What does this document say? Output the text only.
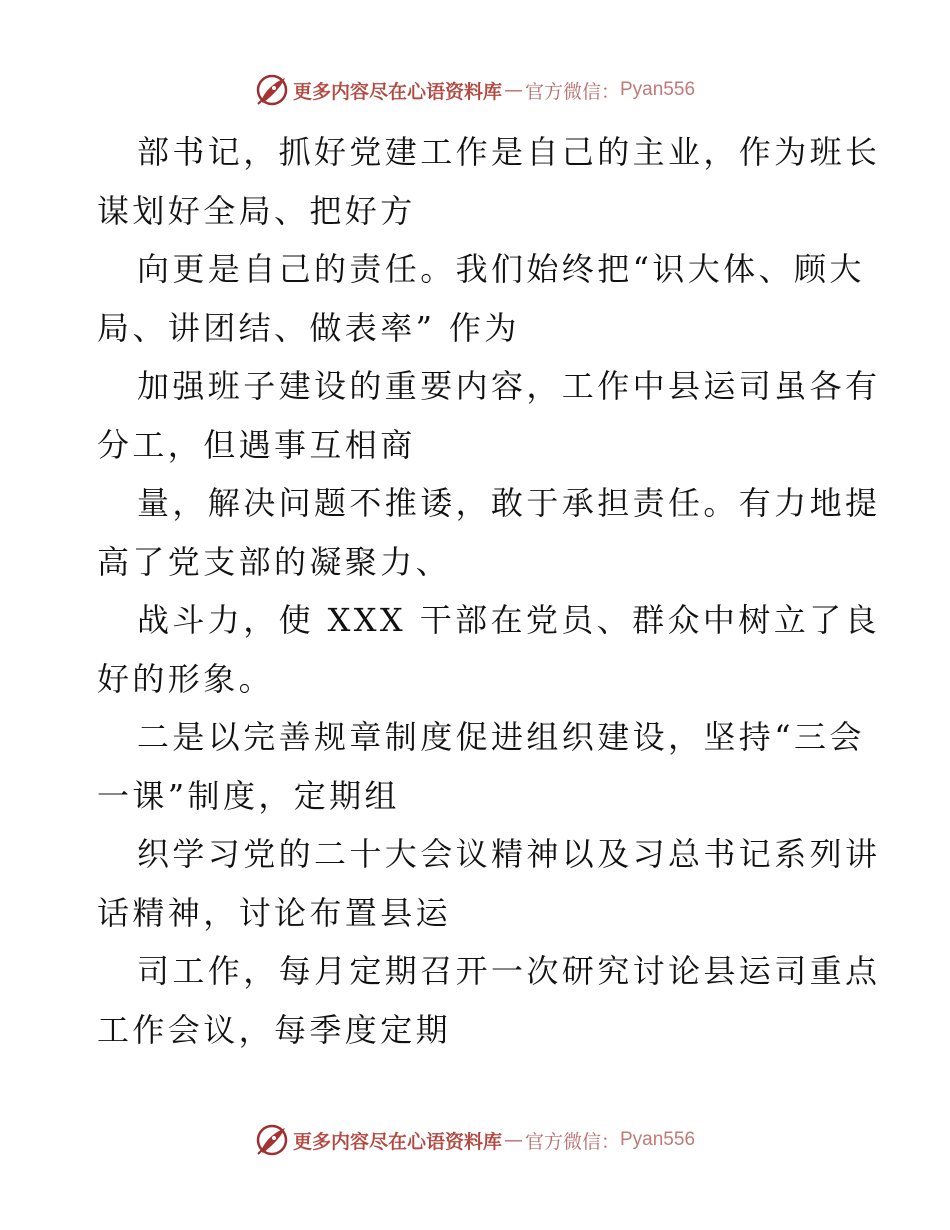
更多内容尽在心语资料库 — 官方微信： Pyan556
部书记，抓好党建工作是自己的主业，作为班长
谋划好全局、把好方
向更是自己的责任。我们始终把“识大体、顾大
局、讲团结、做表率” 作为
加强班子建设的重要内容，工作中县运司虽各有
分工，但遇事互相商
量，解决问题不推诿，敢于承担责任。有力地提
高了党支部的凝聚力、
战斗力，使 XXX 干部在党员、群众中树立了良
好的形象。
二是以完善规章制度促进组织建设，坚持“三会
一课”制度，定期组
织学习党的二十大会议精神以及习总书记系列讲
话精神，讨论布置县运
司工作，每月定期召开一次研究讨论县运司重点
工作会议，每季度定期
更多内容尽在心语资料库 — 官方微信： Pyan556
